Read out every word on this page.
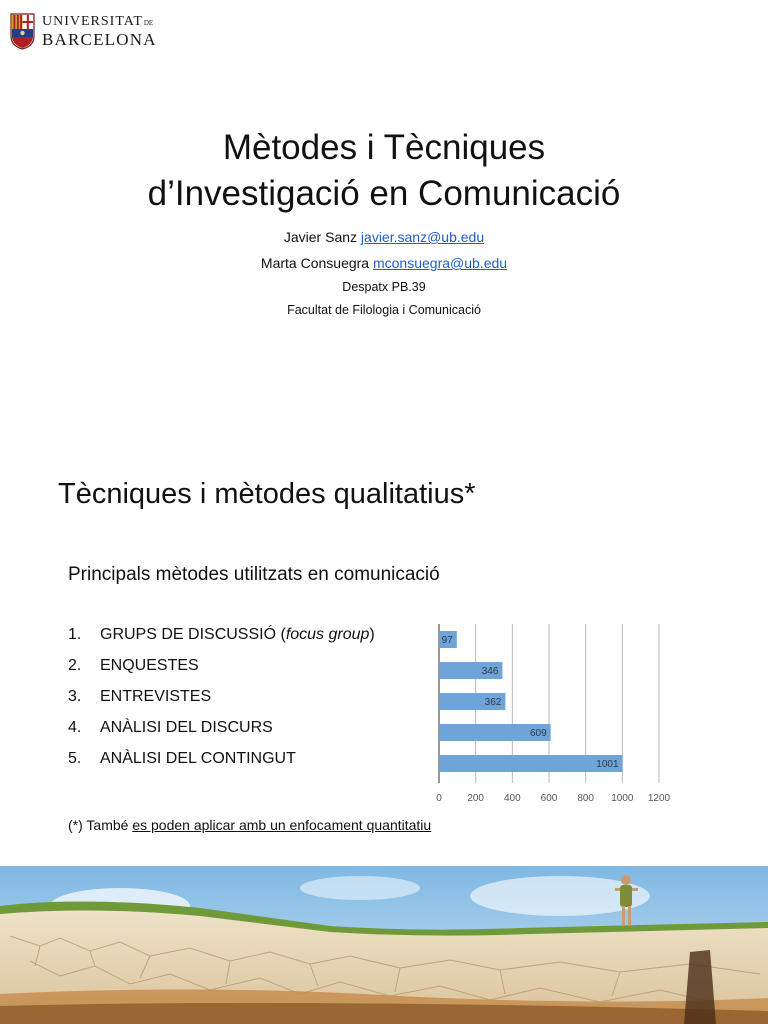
UNIVERSITATDE
BARCELONA
Mètodes i Tècniques
d’Investigació en Comunicació
Javier Sanz javier.sanz@ub.edu
Marta Consuegra mconsuegra@ub.edu
Despatx PB.39
Facultat de Filologia i Comunicació
Tècniques i mètodes qualitatius*
Principals mètodes utilitzats en comunicació
1.	GRUPS DE DISCUSSIÓ (focus group)
2.	ENQUESTES
3.	ENTREVISTES
4.	ANÀLISI DEL DISCURS
5.	ANÀLISI DEL CONTINGUT
0	200 400 600 800 1000 1200
97
346
362
609
1001
(*) També es poden aplicar amb un enfocament quantitatiu
